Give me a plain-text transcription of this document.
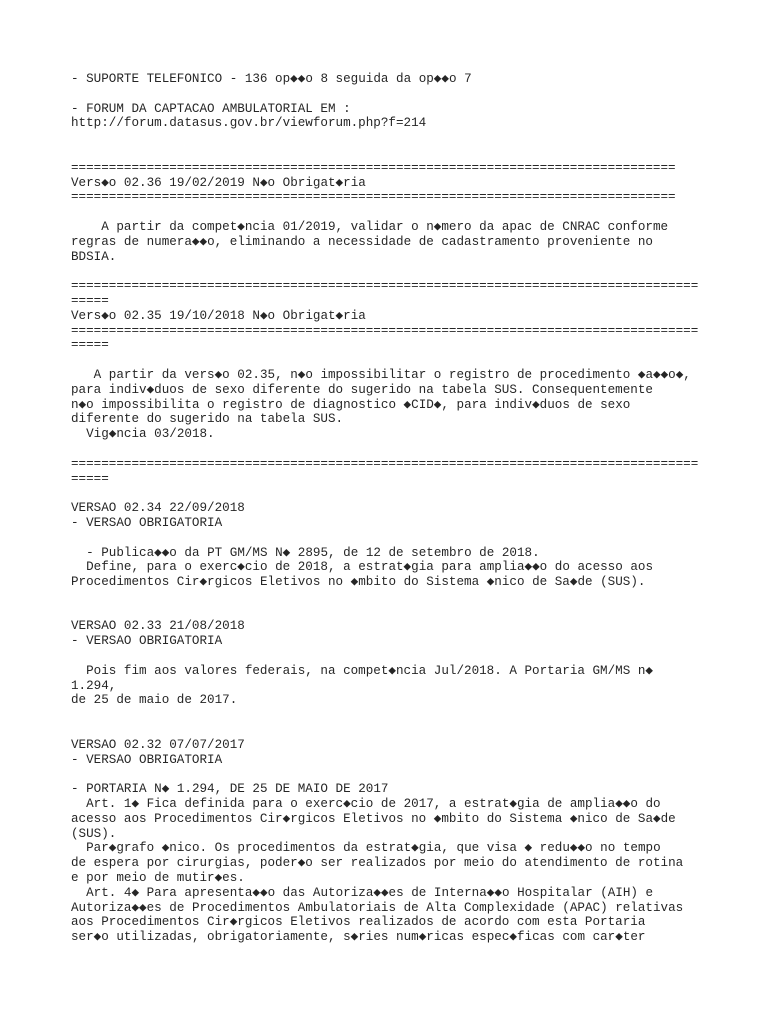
- SUPORTE TELEFONICO - 136 op◆◆o 8 seguida da op◆◆o 7
- FORUM DA CAPTACAO AMBULATORIAL EM :
http://forum.datasus.gov.br/viewforum.php?f=214
================================================================================
Vers◆o 02.36 19/02/2019 N◆o Obrigat◆ria
================================================================================
A partir da compet◆ncia 01/2019, validar o n◆mero da apac de CNRAC conforme
regras de numera◆◆o, eliminando a necessidade de cadastramento proveniente no
BDSIA.
===================================================================================
=====
Vers◆o 02.35 19/10/2018 N◆o Obrigat◆ria
===================================================================================
=====
A partir da vers◆o 02.35, n◆o impossibilitar o registro de procedimento ◆a◆◆o◆,
para indiv◆duos de sexo diferente do sugerido na tabela SUS. Consequentemente
n◆o impossibilita o registro de diagnostico ◆CID◆, para indiv◆duos de sexo
diferente do sugerido na tabela SUS.
Vig◆ncia 03/2018.
===================================================================================
=====
VERSAO 02.34 22/09/2018
- VERSAO OBRIGATORIA
- Publica◆◆o da PT GM/MS N◆ 2895, de 12 de setembro de 2018.
Define, para o exerc◆cio de 2018, a estrat◆gia para amplia◆◆o do acesso aos
Procedimentos Cir◆rgicos Eletivos no ◆mbito do Sistema ◆nico de Sa◆de (SUS).
VERSAO 02.33 21/08/2018
- VERSAO OBRIGATORIA
Pois fim aos valores federais, na compet◆ncia Jul/2018. A Portaria GM/MS n◆
1.294,
de 25 de maio de 2017.
VERSAO 02.32 07/07/2017
- VERSAO OBRIGATORIA
- PORTARIA N◆ 1.294, DE 25 DE MAIO DE 2017
Art. 1◆ Fica definida para o exerc◆cio de 2017, a estrat◆gia de amplia◆◆o do
acesso aos Procedimentos Cir◆rgicos Eletivos no ◆mbito do Sistema ◆nico de Sa◆de
(SUS).
Par◆grafo ◆nico. Os procedimentos da estrat◆gia, que visa ◆ redu◆◆o no tempo
de espera por cirurgias, poder◆o ser realizados por meio do atendimento de rotina
e por meio de mutir◆es.
Art. 4◆ Para apresenta◆◆o das Autoriza◆◆es de Interna◆◆o Hospitalar (AIH) e
Autoriza◆◆es de Procedimentos Ambulatoriais de Alta Complexidade (APAC) relativas
aos Procedimentos Cir◆rgicos Eletivos realizados de acordo com esta Portaria
ser◆o utilizadas, obrigatoriamente, s◆ries num◆ricas espec◆ficas com car◆ter
